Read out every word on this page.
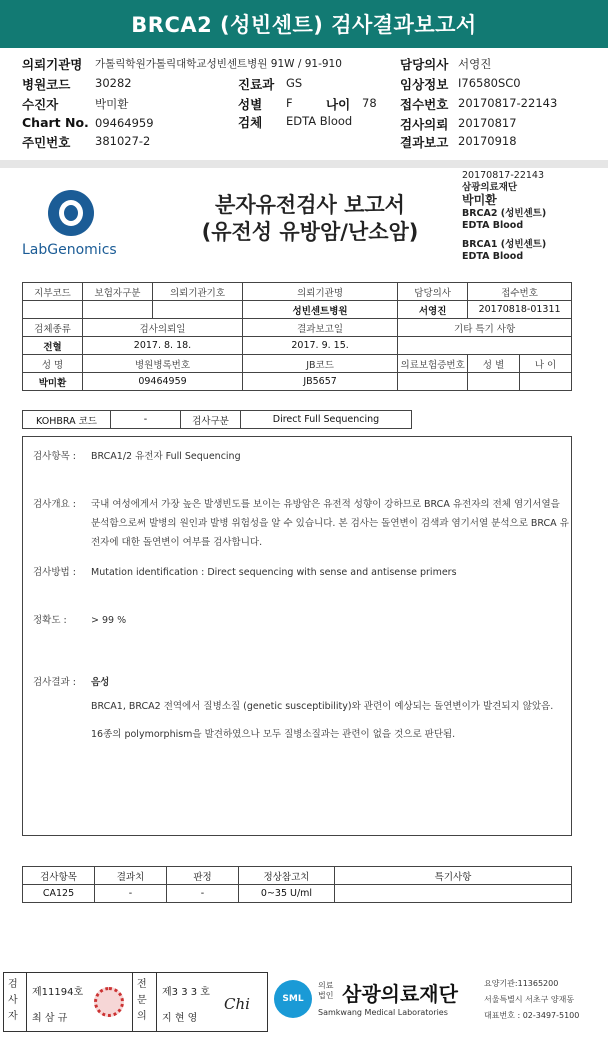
BRCA2 (성빈센트) 검사결과보고서
의뢰기관명 가톨릭학원가톨릭대학교성빈센트병원 91W / 91-910	담당의사 서영진
병원코드 30282	진료과 GS	임상정보 I76580SC0
수진자	박미환	성별 F	나이 78 접수번호 20170817-22143
Chart No. 09464959	검체 EDTA Blood	검사의뢰 20170817
주민번호 381027-2	결과보고 20170918
LabGenomics
분자유전검사 보고서
(유전성 유방암/난소암)
20170817-22143
삼광의료재단
박미환
BRCA2 (성빈센트)
EDTA Blood
BRCA1 (성빈센트)
EDTA Blood
지부코드	보험자구분	의뢰기관기호	의뢰기관명	담당의사	접수번호	
			성빈센트병원	서영진	20170818-01311	
검체종류	검사의뢰일		결과보고일	기타 특기 사항		
전혈	2017. 8. 18.		2017. 9. 15.			
성 명	병원병록번호		JB코드	의료보험증번호	성 별	나 이
박미환	09464959		JB5657			
KOHBRA 코드	-	검사구분	Direct Full Sequencing
검사항목 : BRCA1/2 유전자 Full Sequencing
검사개요 : 국내 여성에게서 가장 높은 발생빈도를 보이는 유방암은 유전적 성향이 강하므로 BRCA 유전자의 전체 염기서열을 분석함으로써 발병의 원인과 발병 위험성을 알 수 있습니다. 본 검사는 돌연변이 검색과 염기서열 분석으로 BRCA 유전자에 대한 돌연변이 여부를 검사합니다.
검사방법 : Mutation identification : Direct sequencing with sense and antisense primers
정확도 :	> 99 %
검사결과 : 음성
BRCA1, BRCA2 전역에서 질병소질 (genetic susceptibility)와 관련이 예상되는 돌연변이가 발견되지 않았음.
16종의 polymorphism을 발견하였으나 모두 질병소질과는 관련이 없을 것으로 판단됨.
검사항목	결과치	판정	정상참고치	특기사항
CA125	-	-	0~35 U/ml	
검사자
제11194호
최 삼 규
전문의
제3 3 3 호
지 현 영
Chi	SML
의료
법인 삼광의료재단
Samkwang Medical Laboratories
요양기관:11365200
서울특별시 서초구 양재동
대표번호 : 02-3497-5100
